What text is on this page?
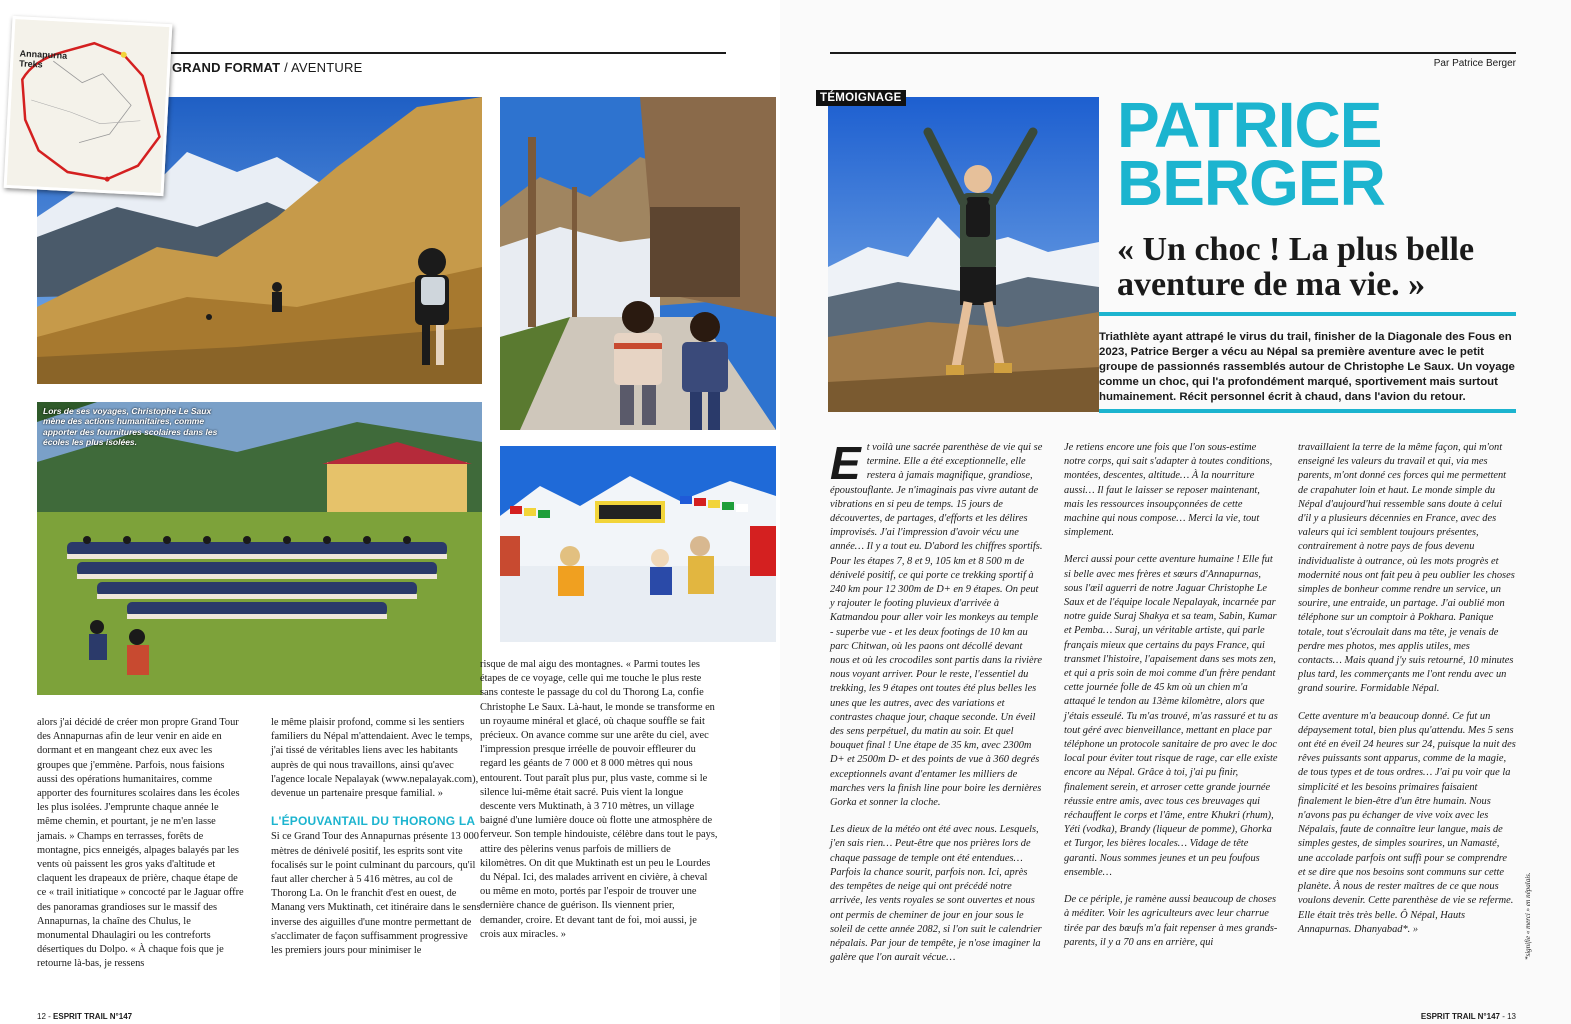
GRAND FORMAT / AVENTURE
Annapurna
Treks
Lors de ses voyages, Christophe Le Saux mène des actions humanitaires, comme apporter des fournitures scolaires dans les écoles les plus isolées.

alors j'ai décidé de créer mon propre Grand Tour des Annapurnas afin de leur venir en aide en dormant et en mangeant chez eux avec les groupes que j'emmène. Parfois, nous faisions aussi des opérations humanitaires, comme apporter des fournitures scolaires dans les écoles les plus isolées. J'emprunte chaque année le même chemin, et pourtant, je ne m'en lasse jamais. » Champs en terrasses, forêts de montagne, pics enneigés, alpages balayés par les vents où paissent les gros yaks d'altitude et claquent les drapeaux de prière, chaque étape de ce « trail initiatique » concocté par le Jaguar offre des panoramas grandioses sur le massif des Annapurnas, la chaîne des Chulus, le monumental Dhaulagiri ou les contreforts désertiques du Dolpo. « À chaque fois que je retourne là-bas, je ressens

le même plaisir profond, comme si les sentiers familiers du Népal m'attendaient. Avec le temps, j'ai tissé de véritables liens avec les habitants auprès de qui nous travaillons, ainsi qu'avec l'agence locale Nepalayak (www.nepalayak.com), devenue un partenaire presque familial. »

L'ÉPOUVANTAIL DU THORONG LA

Si ce Grand Tour des Annapurnas présente 13 000 mètres de dénivelé positif, les esprits sont vite focalisés sur le point culminant du parcours, qu'il faut aller chercher à 5 416 mètres, au col de Thorong La. On le franchit d'est en ouest, de Manang vers Muktinath, cet itinéraire dans le sens inverse des aiguilles d'une montre permettant de s'acclimater de façon suffisamment progressive les premiers jours pour minimiser le

risque de mal aigu des montagnes. « Parmi toutes les étapes de ce voyage, celle qui me touche le plus reste sans conteste le passage du col du Thorong La, confie Christophe Le Saux. Là-haut, le monde se transforme en un royaume minéral et glacé, où chaque souffle se fait précieux. On avance comme sur une arête du ciel, avec l'impression presque irréelle de pouvoir effleurer du regard les géants de 7 000 et 8 000 mètres qui nous entourent. Tout paraît plus pur, plus vaste, comme si le silence lui-même était sacré. Puis vient la longue descente vers Muktinath, à 3 710 mètres, un village baigné d'une lumière douce où flotte une atmosphère de ferveur. Son temple hindouiste, célèbre dans tout le pays, attire des pèlerins venus parfois de milliers de kilomètres. On dit que Muktinath est un peu le Lourdes du Népal. Ici, des malades arrivent en civière, à cheval ou même en moto, portés par l'espoir de trouver une dernière chance de guérison. Ils viennent prier, demander, croire. Et devant tant de foi, moi aussi, je crois aux miracles. »

12 - ESPRIT TRAIL N°147
Par Patrice Berger
TÉMOIGNAGE	PATRICE
BERGER
« Un choc ! La plus belle aventure de ma vie. »
Triathlète ayant attrapé le virus du trail, finisher de la Diagonale des Fous en 2023, Patrice Berger a vécu au Népal sa première aventure avec le petit groupe de passionnés rassemblés autour de Christophe Le Saux. Un voyage comme un choc, qui l'a profondément marqué, sportivement mais surtout humainement. Récit personnel écrit à chaud, dans l'avion du retour.

Et voilà une sacrée parenthèse de vie qui se termine. Elle a été exceptionnelle, elle restera à jamais magnifique, grandiose, époustouflante. Je n'imaginais pas vivre autant de vibrations en si peu de temps. 15 jours de découvertes, de partages, d'efforts et les délires improvisés. J'ai l'impression d'avoir vécu une année… Il y a tout eu. D'abord les chiffres sportifs. Pour les étapes 7, 8 et 9, 105 km et 8 500 m de dénivelé positif, ce qui porte ce trekking sportif à 240 km pour 12 300m de D+ en 9 étapes. On peut y rajouter le footing pluvieux d'arrivée à Katmandou pour aller voir les monkeys au temple - superbe vue - et les deux footings de 10 km au parc Chitwan, où les paons ont décollé devant nous et où les crocodiles sont partis dans la rivière nous voyant arriver. Pour le reste, l'essentiel du trekking, les 9 étapes ont toutes été plus belles les unes que les autres, avec des variations et contrastes chaque jour, chaque seconde. Un éveil des sens perpétuel, du matin au soir. Et quel bouquet final ! Une étape de 35 km, avec 2300m D+ et 2500m D- et des points de vue à 360 degrés exceptionnels avant d'entamer les milliers de marches vers la finish line pour boire les dernières Gorka et sonner la cloche.

Les dieux de la météo ont été avec nous. Lesquels, j'en sais rien… Peut-être que nos prières lors de chaque passage de temple ont été entendues… Parfois la chance sourit, parfois non. Ici, après des tempêtes de neige qui ont précédé notre arrivée, les vents royales se sont ouvertes et nous ont permis de cheminer de jour en jour sous le soleil de cette année 2082, si l'on suit le calendrier népalais. Par jour de tempête, je n'ose imaginer la galère que l'on aurait vécue…

Je retiens encore une fois que l'on sous-estime notre corps, qui sait s'adapter à toutes conditions, montées, descentes, altitude… À la nourriture aussi… Il faut le laisser se reposer maintenant, mais les ressources insoupçonnées de cette machine qui nous compose… Merci la vie, tout simplement.

Merci aussi pour cette aventure humaine ! Elle fut si belle avec mes frères et sœurs d'Annapurnas, sous l'œil aguerri de notre Jaguar Christophe Le Saux et de l'équipe locale Nepalayak, incarnée par notre guide Suraj Shakya et sa team, Sabin, Kumar et Pemba… Suraj, un véritable artiste, qui parle français mieux que certains du pays France, qui transmet l'histoire, l'apaisement dans ses mots zen, et qui a pris soin de moi comme d'un frère pendant cette journée folle de 45 km où un chien m'a attaqué le tendon au 13ème kilomètre, alors que j'étais esseulé. Tu m'as trouvé, m'as rassuré et tu as tout géré avec bienveillance, mettant en place par téléphone un protocole sanitaire de pro avec le doc local pour éviter tout risque de rage, car elle existe encore au Népal. Grâce à toi, j'ai pu finir, finalement serein, et arroser cette grande journée réussie entre amis, avec tous ces breuvages qui réchauffent le corps et l'âme, entre Khukri (rhum), Yéti (vodka), Brandy (liqueur de pomme), Ghorka et Turgor, les bières locales… Vidage de tête garanti. Nous sommes jeunes et un peu foufous ensemble…

De ce périple, je ramène aussi beaucoup de choses à méditer. Voir les agriculteurs avec leur charrue tirée par des bœufs m'a fait repenser à mes grands-parents, il y a 70 ans en arrière, qui

travaillaient la terre de la même façon, qui m'ont enseigné les valeurs du travail et qui, via mes parents, m'ont donné ces forces qui me permettent de crapahuter loin et haut. Le monde simple du Népal d'aujourd'hui ressemble sans doute à celui d'il y a plusieurs décennies en France, avec des valeurs qui ici semblent toujours présentes, contrairement à notre pays de fous devenu individualiste à outrance, où les mots progrès et modernité nous ont fait peu à peu oublier les choses simples de bonheur comme rendre un service, un sourire, une entraide, un partage. J'ai oublié mon téléphone sur un comptoir à Pokhara. Panique totale, tout s'écroulait dans ma tête, je venais de perdre mes photos, mes applis utiles, mes contacts… Mais quand j'y suis retourné, 10 minutes plus tard, les commerçants me l'ont rendu avec un grand sourire. Formidable Népal.

Cette aventure m'a beaucoup donné. Ce fut un dépaysement total, bien plus qu'attendu. Mes 5 sens ont été en éveil 24 heures sur 24, puisque la nuit des rêves puissants sont apparus, comme de la magie, de tous types et de tous ordres… J'ai pu voir que la simplicité et les besoins primaires faisaient finalement le bien-être d'un être humain. Nous n'avons pas pu échanger de vive voix avec les Népalais, faute de connaître leur langue, mais de simples gestes, de simples sourires, un Namasté, une accolade parfois ont suffi pour se comprendre et se dire que nos besoins sont communs sur cette planète. À nous de rester maîtres de ce que nous voulons devenir. Cette parenthèse de vie se referme. Elle était très très belle. Ô Népal, Hauts Annapurnas. Dhanyabad*. »	*signifie « merci » en népalais.
ESPRIT TRAIL N°147 - 13
